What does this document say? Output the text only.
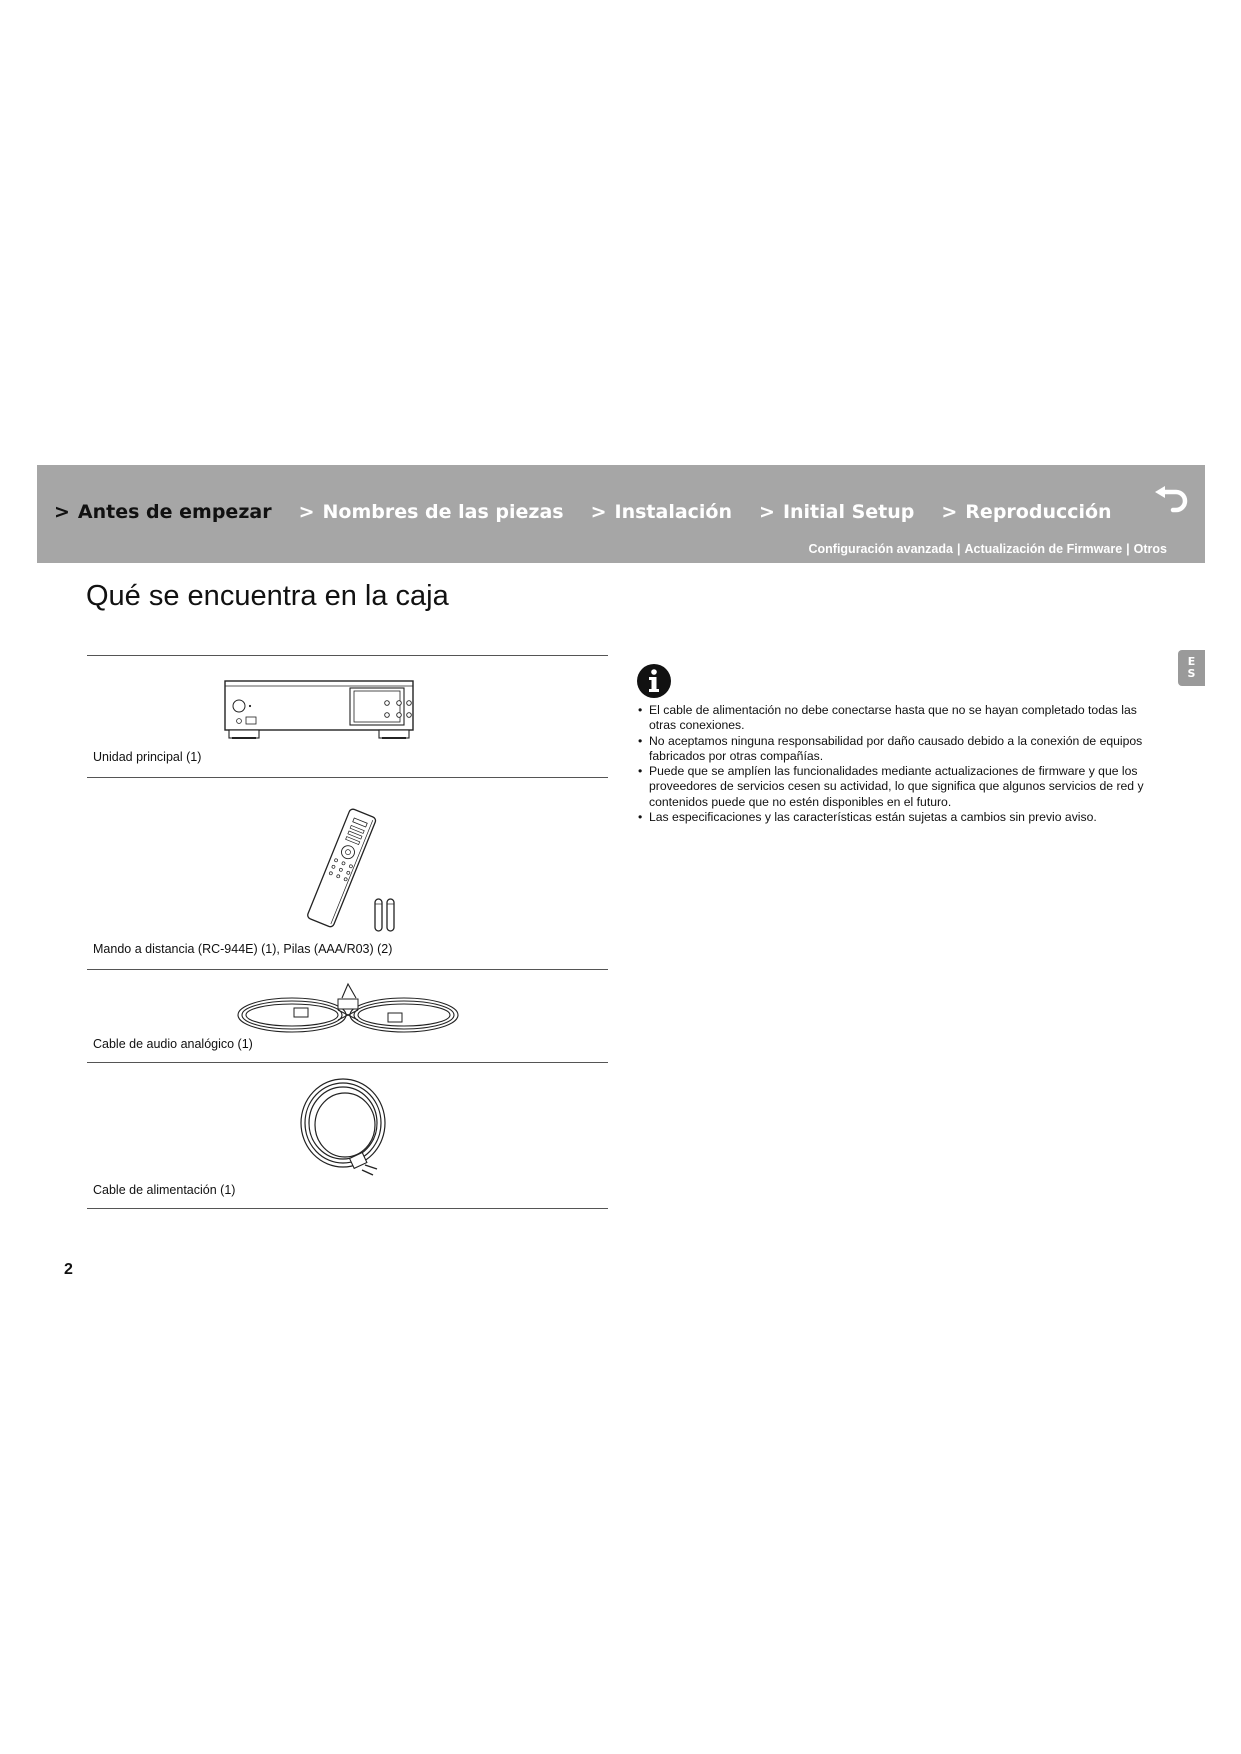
> Antes de empezar > Nombres de las piezas > Instalación > Initial Setup > Reproducción
Configuración avanzada | Actualización de Firmware | Otros
Qué se encuentra en la caja
E
S
Unidad principal (1)
Mando a distancia (RC-944E) (1), Pilas (AAA/R03) (2)
Cable de audio analógico (1)
Cable de alimentación (1)
• El cable de alimentación no debe conectarse hasta que no se hayan completado todas las otras conexiones.
• No aceptamos ninguna responsabilidad por daño causado debido a la conexión de equipos fabricados por otras compañías.
• Puede que se amplíen las funcionalidades mediante actualizaciones de firmware y que los proveedores de servicios cesen su actividad, lo que significa que algunos servicios de red y contenidos puede que no estén disponibles en el futuro.
• Las especificaciones y las características están sujetas a cambios sin previo aviso.
2
